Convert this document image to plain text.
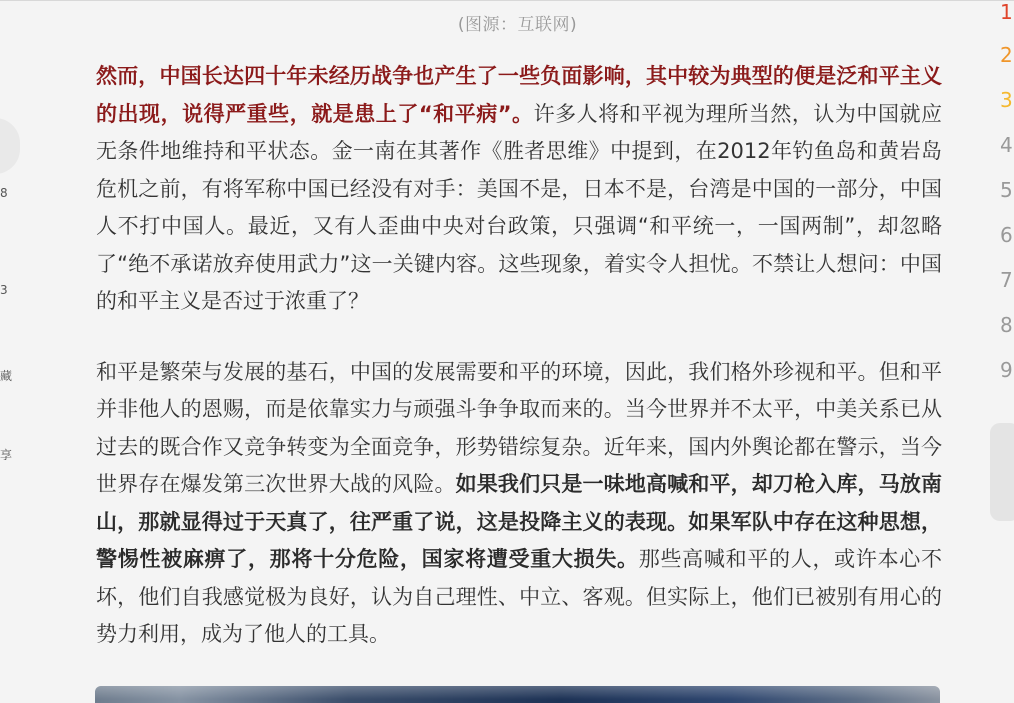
(图源：互联网)

然而，中国长达四十年未经历战争也产生了一些负面影响，其中较为典型的便是泛和平主义的出现，说得严重些，就是患上了“和平病”。许多人将和平视为理所当然，认为中国就应无条件地维持和平状态。金一南在其著作《胜者思维》中提到，在2012年钓鱼岛和黄岩岛危机之前，有将军称中国已经没有对手：美国不是，日本不是，台湾是中国的一部分，中国人不打中国人。最近，又有人歪曲中央对台政策，只强调“和平统一，一国两制”，却忽略了“绝不承诺放弃使用武力”这一关键内容。这些现象，着实令人担忧。不禁让人想问：中国的和平主义是否过于浓重了？

和平是繁荣与发展的基石，中国的发展需要和平的环境，因此，我们格外珍视和平。但和平并非他人的恩赐，而是依靠实力与顽强斗争争取而来的。当今世界并不太平，中美关系已从过去的既合作又竞争转变为全面竞争，形势错综复杂。近年来，国内外舆论都在警示，当今世界存在爆发第三次世界大战的风险。如果我们只是一味地高喊和平，却刀枪入库，马放南山，那就显得过于天真了，往严重了说，这是投降主义的表现。如果军队中存在这种思想，警惕性被麻痹了，那将十分危险，国家将遭受重大损失。那些高喊和平的人，或许本心不坏，他们自我感觉极为良好，认为自己理性、中立、客观。但实际上，他们已被别有用心的势力利用，成为了他人的工具。

8
3
藏
享
1
2
3
4
5
6
7
8
9
